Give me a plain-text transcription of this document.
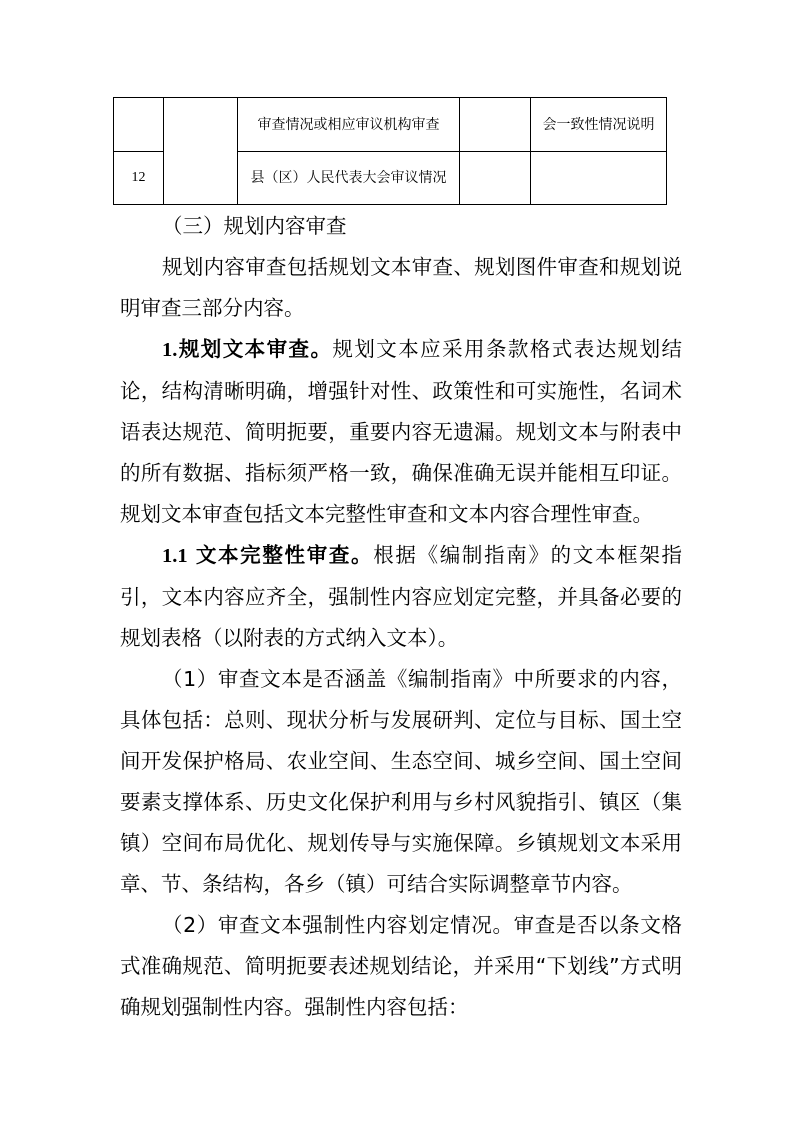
		审查情况或相应审议机构审查		会一致性情况说明
12		县（区）人民代表大会审议情况		

（三）规划内容审查

规划内容审查包括规划文本审查、规划图件审查和规划说明审查三部分内容。

1.规划文本审查。规划文本应采用条款格式表达规划结论，结构清晰明确，增强针对性、政策性和可实施性，名词术语表达规范、简明扼要，重要内容无遗漏。规划文本与附表中的所有数据、指标须严格一致，确保准确无误并能相互印证。规划文本审查包括文本完整性审查和文本内容合理性审查。

1.1 文本完整性审查。根据《编制指南》的文本框架指引，文本内容应齐全，强制性内容应划定完整，并具备必要的规划表格（以附表的方式纳入文本）。

（1）审查文本是否涵盖《编制指南》中所要求的内容，具体包括：总则、现状分析与发展研判、定位与目标、国土空间开发保护格局、农业空间、生态空间、城乡空间、国土空间要素支撑体系、历史文化保护利用与乡村风貌指引、镇区（集镇）空间布局优化、规划传导与实施保障。乡镇规划文本采用章、节、条结构，各乡（镇）可结合实际调整章节内容。

（2）审查文本强制性内容划定情况。审查是否以条文格式准确规范、简明扼要表述规划结论，并采用“下划线”方式明确规划强制性内容。强制性内容包括：
